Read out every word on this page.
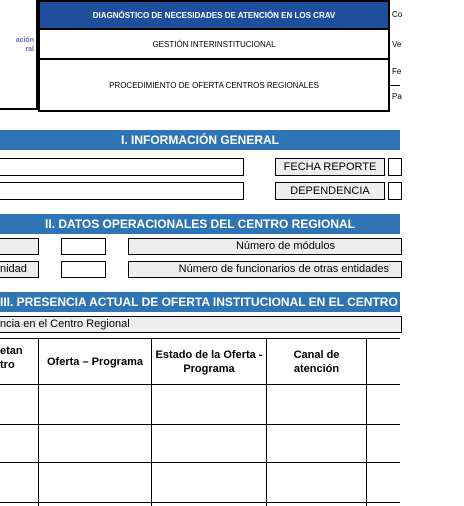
ación
ral
DIAGNÓSTICO DE NECESIDADES DE ATENCIÓN EN LOS CRAV
GESTIÓN INTERINSTITUCIONAL
PROCEDIMIENTO DE OFERTA CENTROS REGIONALES
Co
Ve
Fe
Pa
I. INFORMACIÓN GENERAL
FECHA REPORTE
DEPENDENCIA
II. DATOS OPERACIONALES DEL CENTRO REGIONAL
Número de módulos
nidad	Número de funcionarios de otras entidades
III. PRESENCIA ACTUAL DE OFERTA INSTITUCIONAL EN EL CENTRO REGIONAL
ncia en el Centro Regional
etan
tro	Oferta – Programa
Estado de la Oferta -
Programa
Canal de
atención
